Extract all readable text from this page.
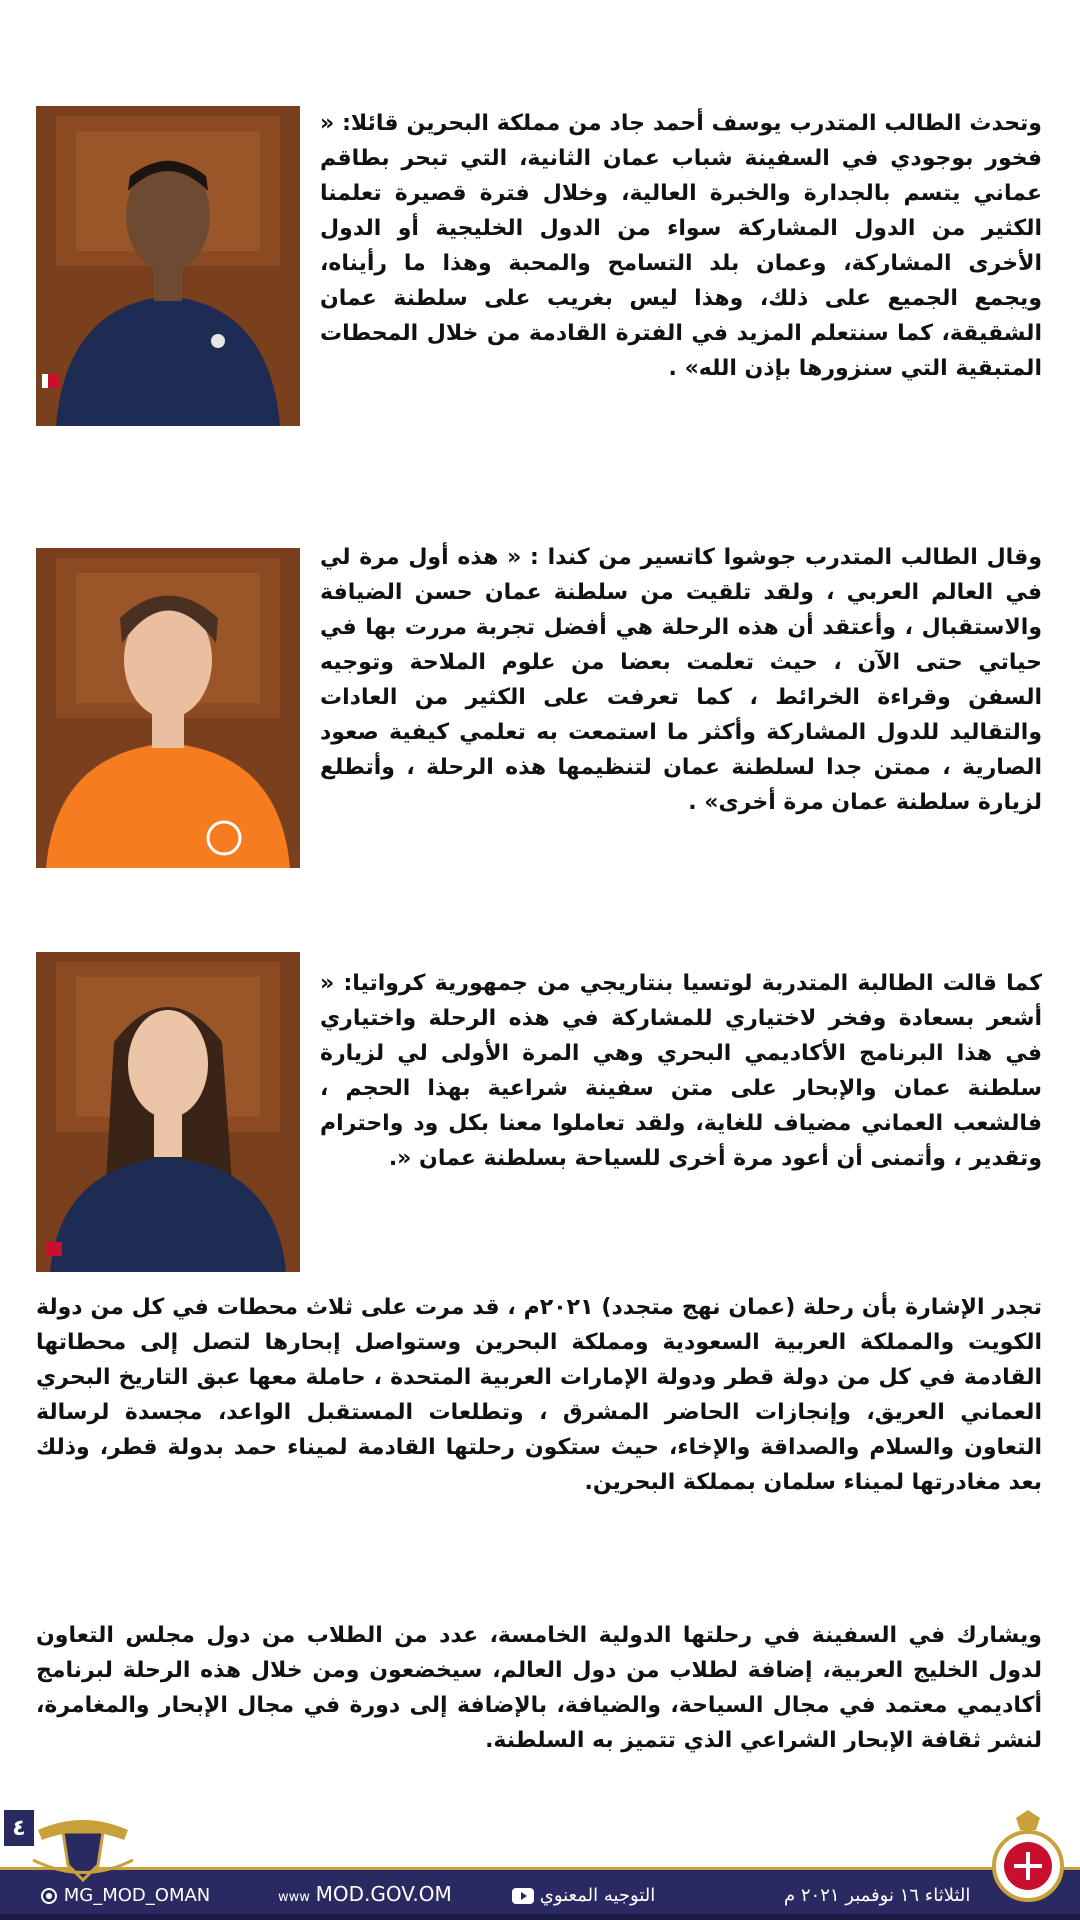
وتحدث الطالب المتدرب يوسف أحمد جاد من مملكة البحرين قائلا: « فخور بوجودي في السفينة شباب عمان الثانية، التي تبحر بطاقم عماني يتسم بالجدارة والخبرة العالية، وخلال فترة قصيرة تعلمنا الكثير من الدول المشاركة سواء من الدول الخليجية أو الدول الأخرى المشاركة، وعمان بلد التسامح والمحبة وهذا ما رأيناه، ويجمع الجميع على ذلك، وهذا ليس بغريب على سلطنة عمان الشقيقة، كما سنتعلم المزيد في الفترة القادمة من خلال المحطات المتبقية التي سنزورها بإذن الله» .
وقال الطالب المتدرب جوشوا كاتسير من كندا : « هذه أول مرة لي في العالم العربي ، ولقد تلقيت من سلطنة عمان حسن الضيافة والاستقبال ، وأعتقد أن هذه الرحلة هي أفضل تجربة مررت بها في حياتي حتى الآن ، حيث تعلمت بعضا من علوم الملاحة وتوجيه السفن وقراءة الخرائط ، كما تعرفت على الكثير من العادات والتقاليد للدول المشاركة وأكثر ما استمعت به تعلمي كيفية صعود الصارية ، ممتن جدا لسلطنة عمان لتنظيمها هذه الرحلة ، وأتطلع لزيارة سلطنة عمان مرة أخرى» .
كما قالت الطالبة المتدربة لوتسيا بنتاريجي من جمهورية كرواتيا: « أشعر بسعادة وفخر لاختياري للمشاركة في هذه الرحلة واختياري في هذا البرنامج الأكاديمي البحري وهي المرة الأولى لي لزيارة سلطنة عمان والإبحار على متن سفينة شراعية بهذا الحجم ، فالشعب العماني مضياف للغاية، ولقد تعاملوا معنا بكل ود واحترام وتقدير ، وأتمنى أن أعود مرة أخرى للسياحة بسلطنة عمان «.
تجدر الإشارة بأن رحلة (عمان نهج متجدد) ٢٠٢١م ، قد مرت على ثلاث محطات في كل من دولة الكويت والمملكة العربية السعودية ومملكة البحرين وستواصل إبحارها لتصل إلى محطاتها القادمة في كل من دولة قطر ودولة الإمارات العربية المتحدة ، حاملة معها عبق التاريخ البحري العماني العريق، وإنجازات الحاضر المشرق ، وتطلعات المستقبل الواعد، مجسدة لرسالة التعاون والسلام والصداقة والإخاء، حيث ستكون رحلتها القادمة لميناء حمد بدولة قطر، وذلك بعد مغادرتها لميناء سلمان بمملكة البحرين.
ويشارك في السفينة في رحلتها الدولية الخامسة، عدد من الطلاب من دول مجلس التعاون لدول الخليج العربية، إضافة لطلاب من دول العالم، سيخضعون ومن خلال هذه الرحلة لبرنامج أكاديمي معتمد في مجال السياحة، والضيافة، بالإضافة إلى دورة في مجال الإبحار والمغامرة، لنشر ثقافة الإبحار الشراعي الذي تتميز به السلطنة.
MG_MOD_OMAN	www MOD.GOV.OM	التوجيه المعنوي	الثلاثاء ١٦ نوفمبر ٢٠٢١ م
٤
